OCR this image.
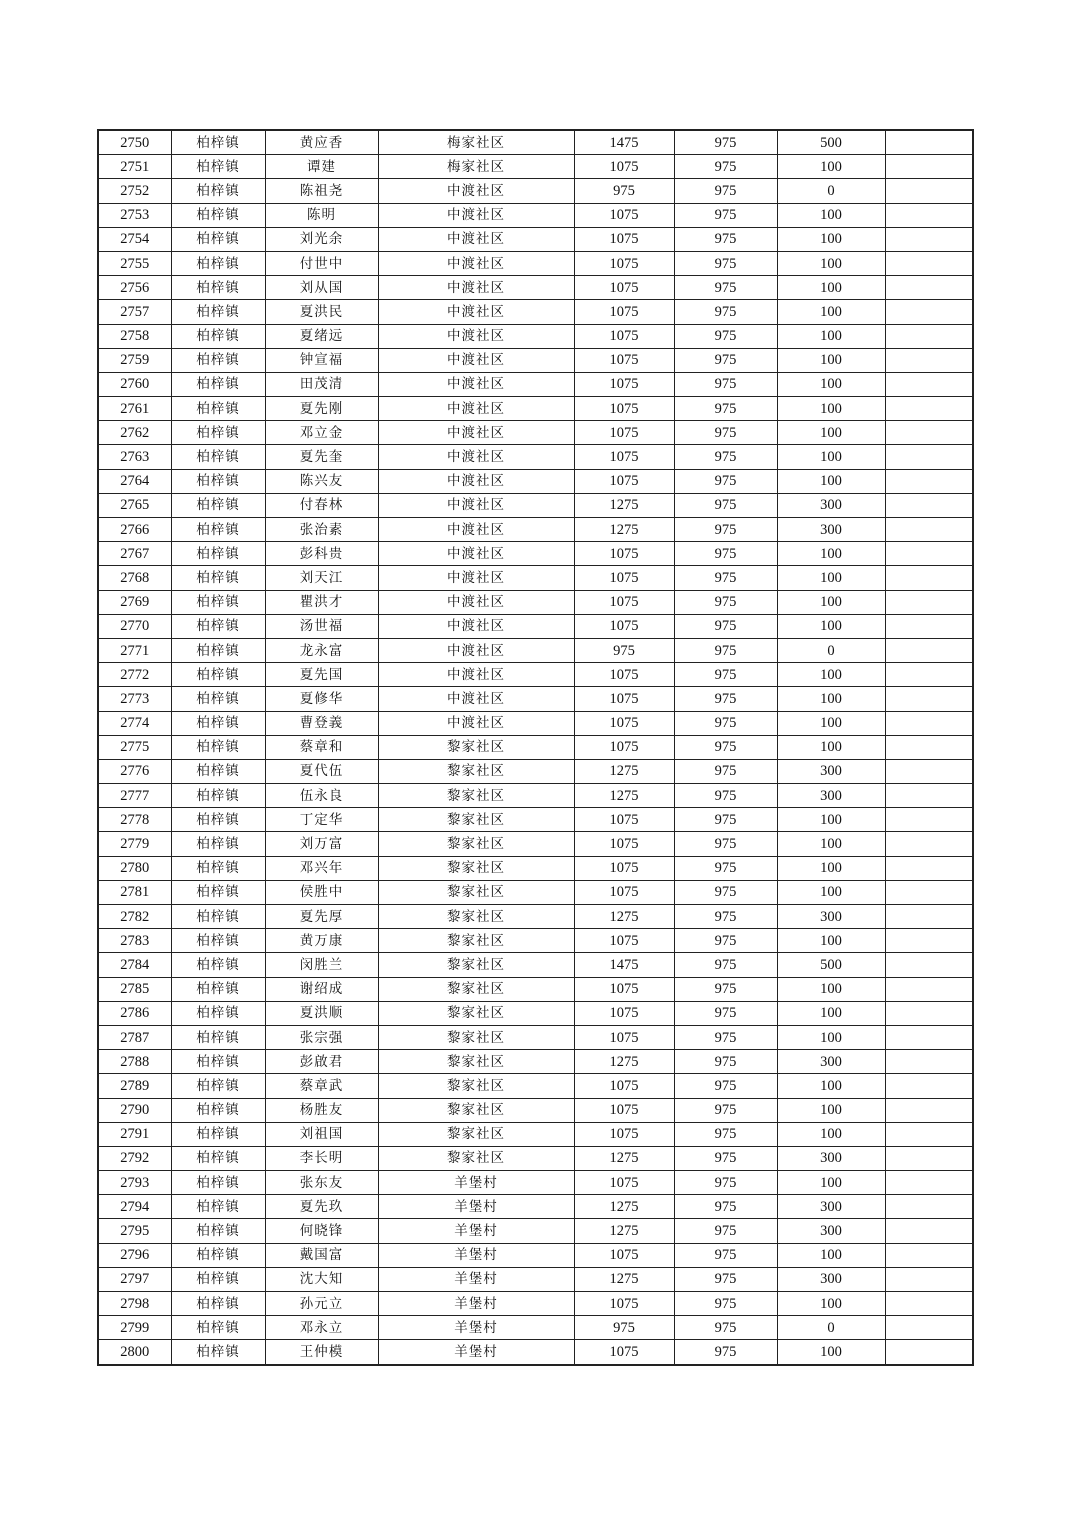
2750	柏梓镇	黄应香	梅家社区	1475	975	500	
2751	柏梓镇	谭建	梅家社区	1075	975	100	
2752	柏梓镇	陈祖尧	中渡社区	975	975	0	
2753	柏梓镇	陈明	中渡社区	1075	975	100	
2754	柏梓镇	刘光余	中渡社区	1075	975	100	
2755	柏梓镇	付世中	中渡社区	1075	975	100	
2756	柏梓镇	刘从国	中渡社区	1075	975	100	
2757	柏梓镇	夏洪民	中渡社区	1075	975	100	
2758	柏梓镇	夏绪远	中渡社区	1075	975	100	
2759	柏梓镇	钟宣福	中渡社区	1075	975	100	
2760	柏梓镇	田茂清	中渡社区	1075	975	100	
2761	柏梓镇	夏先刚	中渡社区	1075	975	100	
2762	柏梓镇	邓立金	中渡社区	1075	975	100	
2763	柏梓镇	夏先奎	中渡社区	1075	975	100	
2764	柏梓镇	陈兴友	中渡社区	1075	975	100	
2765	柏梓镇	付春林	中渡社区	1275	975	300	
2766	柏梓镇	张治素	中渡社区	1275	975	300	
2767	柏梓镇	彭科贵	中渡社区	1075	975	100	
2768	柏梓镇	刘天江	中渡社区	1075	975	100	
2769	柏梓镇	瞿洪才	中渡社区	1075	975	100	
2770	柏梓镇	汤世福	中渡社区	1075	975	100	
2771	柏梓镇	龙永富	中渡社区	975	975	0	
2772	柏梓镇	夏先国	中渡社区	1075	975	100	
2773	柏梓镇	夏修华	中渡社区	1075	975	100	
2774	柏梓镇	曹登義	中渡社区	1075	975	100	
2775	柏梓镇	蔡章和	黎家社区	1075	975	100	
2776	柏梓镇	夏代伍	黎家社区	1275	975	300	
2777	柏梓镇	伍永良	黎家社区	1275	975	300	
2778	柏梓镇	丁定华	黎家社区	1075	975	100	
2779	柏梓镇	刘万富	黎家社区	1075	975	100	
2780	柏梓镇	邓兴年	黎家社区	1075	975	100	
2781	柏梓镇	侯胜中	黎家社区	1075	975	100	
2782	柏梓镇	夏先厚	黎家社区	1275	975	300	
2783	柏梓镇	黄万康	黎家社区	1075	975	100	
2784	柏梓镇	闵胜兰	黎家社区	1475	975	500	
2785	柏梓镇	谢绍成	黎家社区	1075	975	100	
2786	柏梓镇	夏洪顺	黎家社区	1075	975	100	
2787	柏梓镇	张宗强	黎家社区	1075	975	100	
2788	柏梓镇	彭啟君	黎家社区	1275	975	300	
2789	柏梓镇	蔡章武	黎家社区	1075	975	100	
2790	柏梓镇	杨胜友	黎家社区	1075	975	100	
2791	柏梓镇	刘祖国	黎家社区	1075	975	100	
2792	柏梓镇	李长明	黎家社区	1275	975	300	
2793	柏梓镇	张东友	羊堡村	1075	975	100	
2794	柏梓镇	夏先玖	羊堡村	1275	975	300	
2795	柏梓镇	何晓锋	羊堡村	1275	975	300	
2796	柏梓镇	戴国富	羊堡村	1075	975	100	
2797	柏梓镇	沈大知	羊堡村	1275	975	300	
2798	柏梓镇	孙元立	羊堡村	1075	975	100	
2799	柏梓镇	邓永立	羊堡村	975	975	0	
2800	柏梓镇	王仲模	羊堡村	1075	975	100	
